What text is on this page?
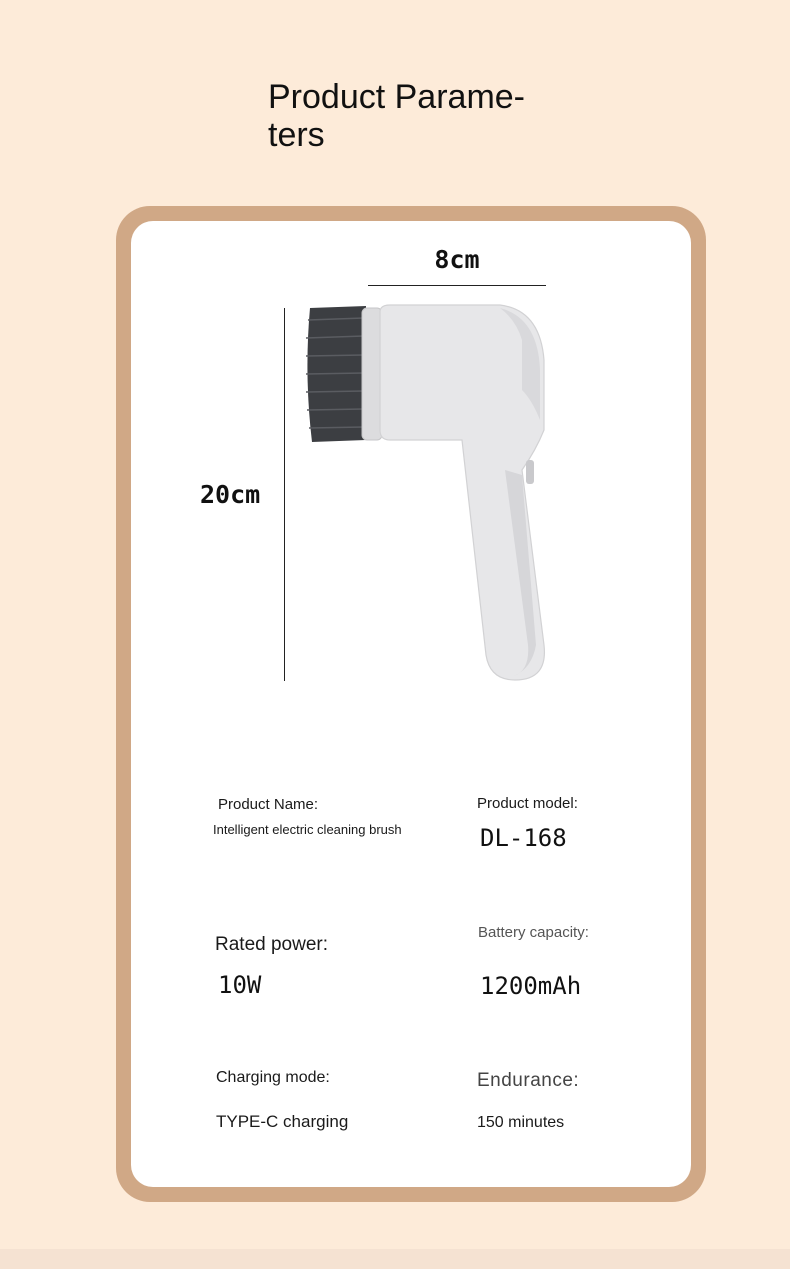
Product Parame-
ters
8cm
20cm
Product Name:
Intelligent electric cleaning brush
Product model:
DL-168
Rated power:
10W
Battery capacity:
1200mAh
Charging mode:
TYPE-C charging
Endurance:
150 minutes
